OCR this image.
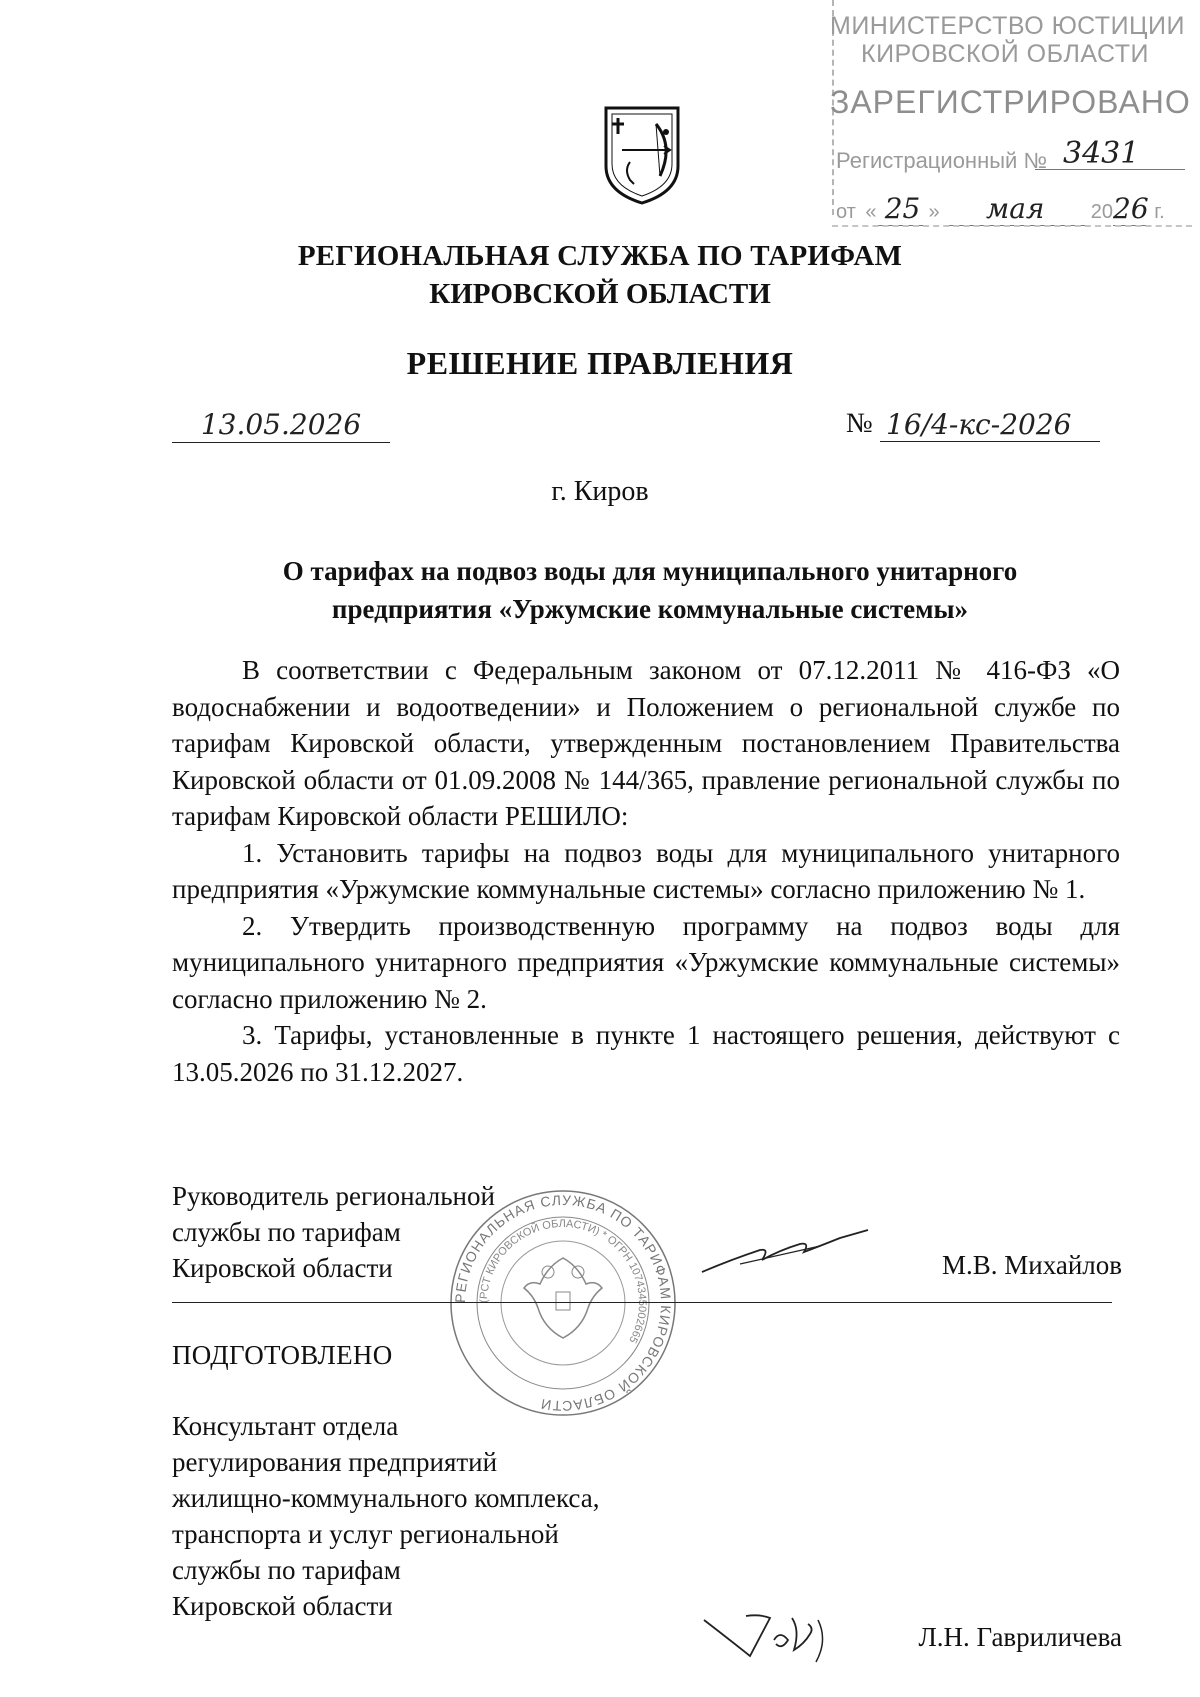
МИНИСТЕРСТВО ЮСТИЦИИ
КИРОВСКОЙ ОБЛАСТИ
ЗАРЕГИСТРИРОВАНО
Регистрационный № 3431
от « 25 » мая 2026 г.
РЕГИОНАЛЬНАЯ СЛУЖБА ПО ТАРИФАМ
КИРОВСКОЙ ОБЛАСТИ
РЕШЕНИЕ ПРАВЛЕНИЯ
13.05.2026	№ 16/4-кс-2026
г. Киров
О тарифах на подвоз воды для муниципального унитарного
предприятия «Уржумские коммунальные системы»

В соответствии с Федеральным законом от 07.12.2011 № 416-ФЗ «О водоснабжении и водоотведении» и Положением о региональной службе по тарифам Кировской области, утвержденным постановлением Правительства Кировской области от 01.09.2008 № 144/365, правление региональной службы по тарифам Кировской области РЕШИЛО:

1. Установить тарифы на подвоз воды для муниципального унитарного предприятия «Уржумские коммунальные системы» согласно приложению № 1.

2. Утвердить производственную программу на подвоз воды для муниципального унитарного предприятия «Уржумские коммунальные системы» согласно приложению № 2.

3. Тарифы, установленные в пункте 1 настоящего решения, действуют с 13.05.2026 по 31.12.2027.

РЕГИОНАЛЬНАЯ СЛУЖБА ПО ТАРИФАМ КИРОВСКОЙ ОБЛАСТИ
(РСТ КИРОВСКОЙ ОБЛАСТИ) * ОГРН 1074345002665
Руководитель региональной
службы по тарифам
Кировской области	М.В. Михайлов
ПОДГОТОВЛЕНО
Консультант отдела
регулирования предприятий
жилищно-коммунального комплекса,
транспорта и услуг региональной
службы по тарифам
Кировской области
Л.Н. Гавриличева
